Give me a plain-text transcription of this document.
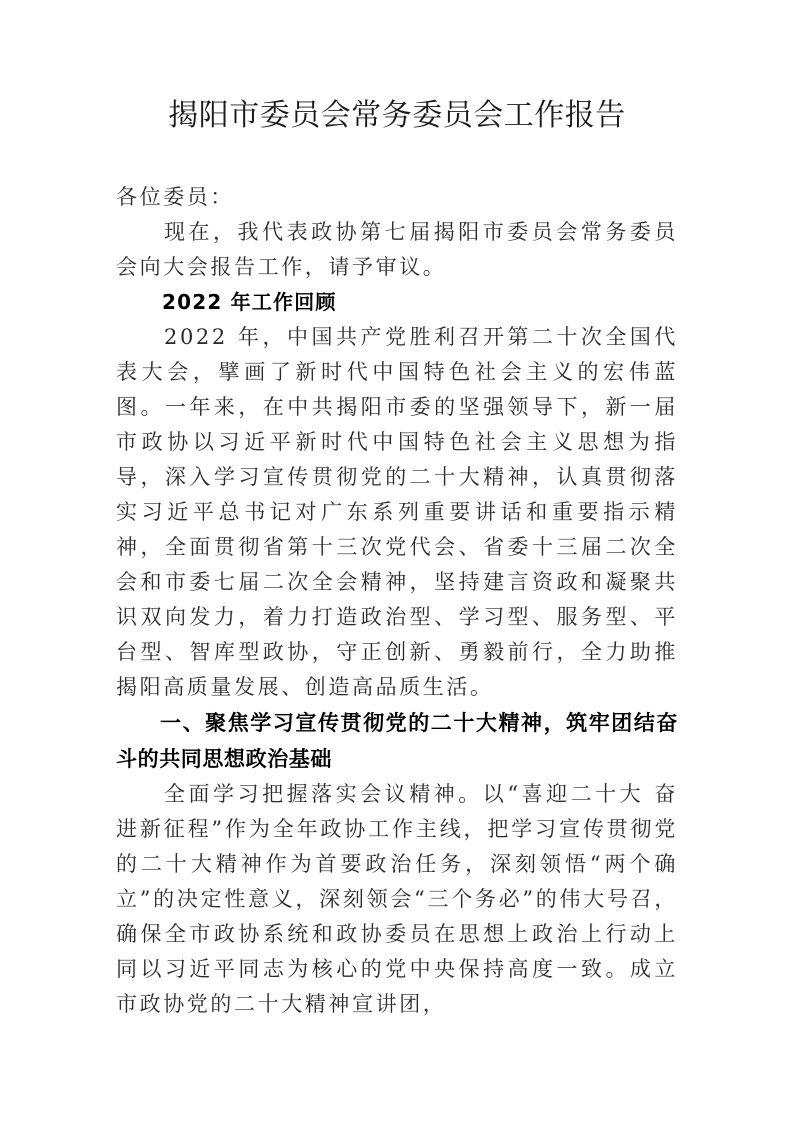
揭阳市委员会常务委员会工作报告

各位委员：

现在，我代表政协第七届揭阳市委员会常务委员会向大会报告工作，请予审议。

2022 年工作回顾

2022 年，中国共产党胜利召开第二十次全国代表大会，擘画了新时代中国特色社会主义的宏伟蓝图。一年来，在中共揭阳市委的坚强领导下，新一届市政协以习近平新时代中国特色社会主义思想为指导，深入学习宣传贯彻党的二十大精神，认真贯彻落实习近平总书记对广东系列重要讲话和重要指示精神，全面贯彻省第十三次党代会、省委十三届二次全会和市委七届二次全会精神，坚持建言资政和凝聚共识双向发力，着力打造政治型、学习型、服务型、平台型、智库型政协，守正创新、勇毅前行，全力助推揭阳高质量发展、创造高品质生活。

一、聚焦学习宣传贯彻党的二十大精神，筑牢团结奋斗的共同思想政治基础

全面学习把握落实会议精神。以“喜迎二十大 奋进新征程”作为全年政协工作主线，把学习宣传贯彻党的二十大精神作为首要政治任务，深刻领悟“两个确立”的决定性意义，深刻领会“三个务必”的伟大号召，确保全市政协系统和政协委员在思想上政治上行动上同以习近平同志为核心的党中央保持高度一致。成立市政协党的二十大精神宣讲团，
